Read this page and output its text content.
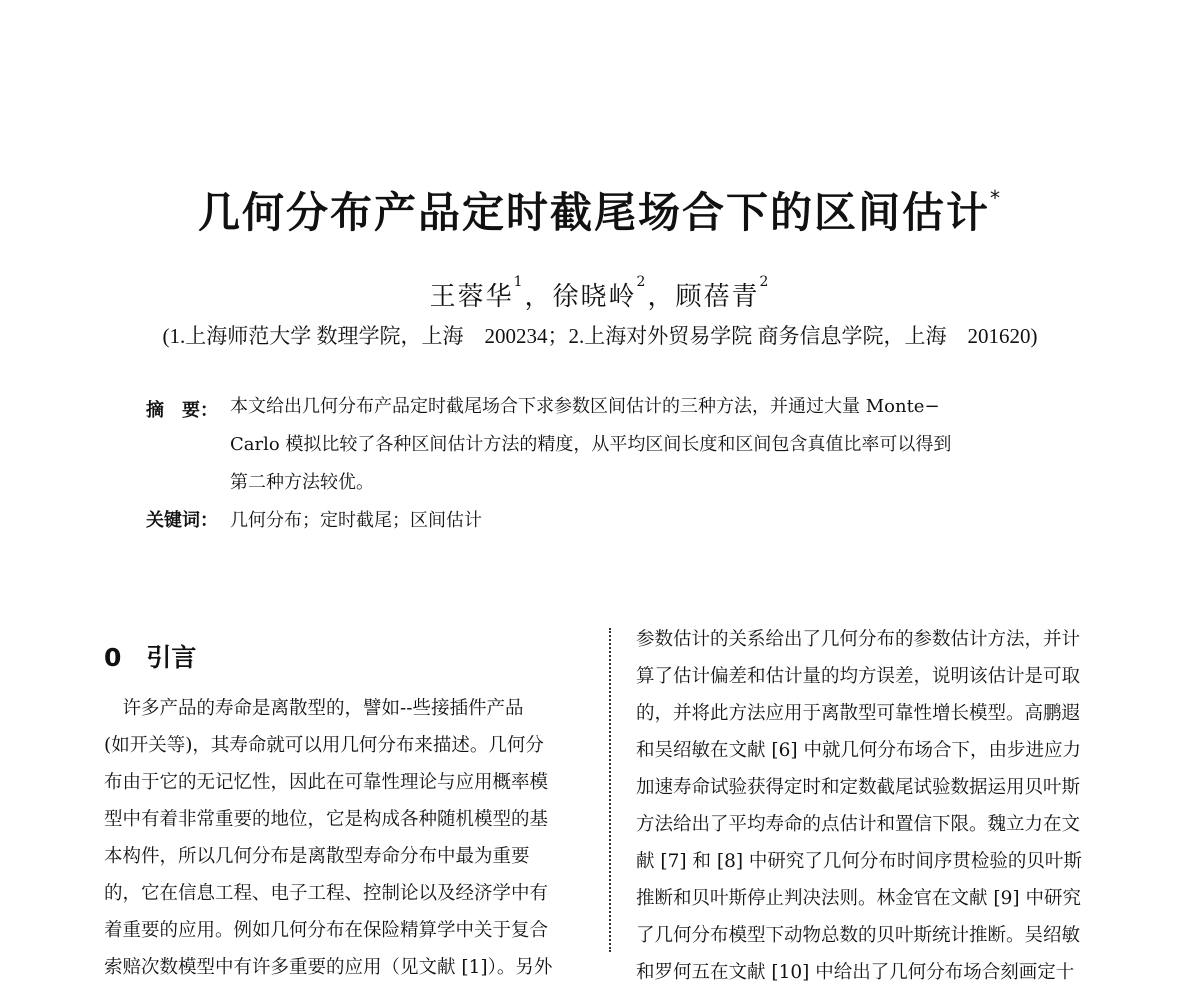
几何分布产品定时截尾场合下的区间估计*
王蓉华$^1$，徐晓岭$^2$，顾蓓青$^2$
(1.上海师范大学 数理学院，上海　200234；2.上海对外贸易学院 商务信息学院，上海　201620)
摘　要： 本文给出几何分布产品定时截尾场合下求参数区间估计的三种方法，并通过大量 Monte−
Carlo 模拟比较了各种区间估计方法的精度，从平均区间长度和区间包含真值比率可以得到
第二种方法较优。
关键词： 几何分布；定时截尾；区间估计
0　引言
　许多产品的寿命是离散型的，譬如--些接插件产品
(如开关等)，其寿命就可以用几何分布来描述。几何分
布由于它的无记忆性，因此在可靠性理论与应用概率模
型中有着非常重要的地位，它是构成各种随机模型的基
本构件，所以几何分布是离散型寿命分布中最为重要
的，它在信息工程、电子工程、控制论以及经济学中有
着重要的应用。例如几何分布在保险精算学中关于复合
索赔次数模型中有许多重要的应用（见文献 [1]）。另外
参数估计的关系给出了几何分布的参数估计方法，并计
算了估计偏差和估计量的均方误差，说明该估计是可取
的，并将此方法应用于离散型可靠性增长模型。高鹏遐
和吴绍敏在文献 [6] 中就几何分布场合下，由步进应力
加速寿命试验获得定时和定数截尾试验数据运用贝叶斯
方法给出了平均寿命的点估计和置信下限。魏立力在文
献 [7] 和 [8] 中研究了几何分布时间序贯检验的贝叶斯
推断和贝叶斯停止判决法则。林金官在文献 [9] 中研究
了几何分布模型下动物总数的贝叶斯统计推断。吴绍敏
和罗何五在文献 [10] 中给出了几何分布场合刻画定十
